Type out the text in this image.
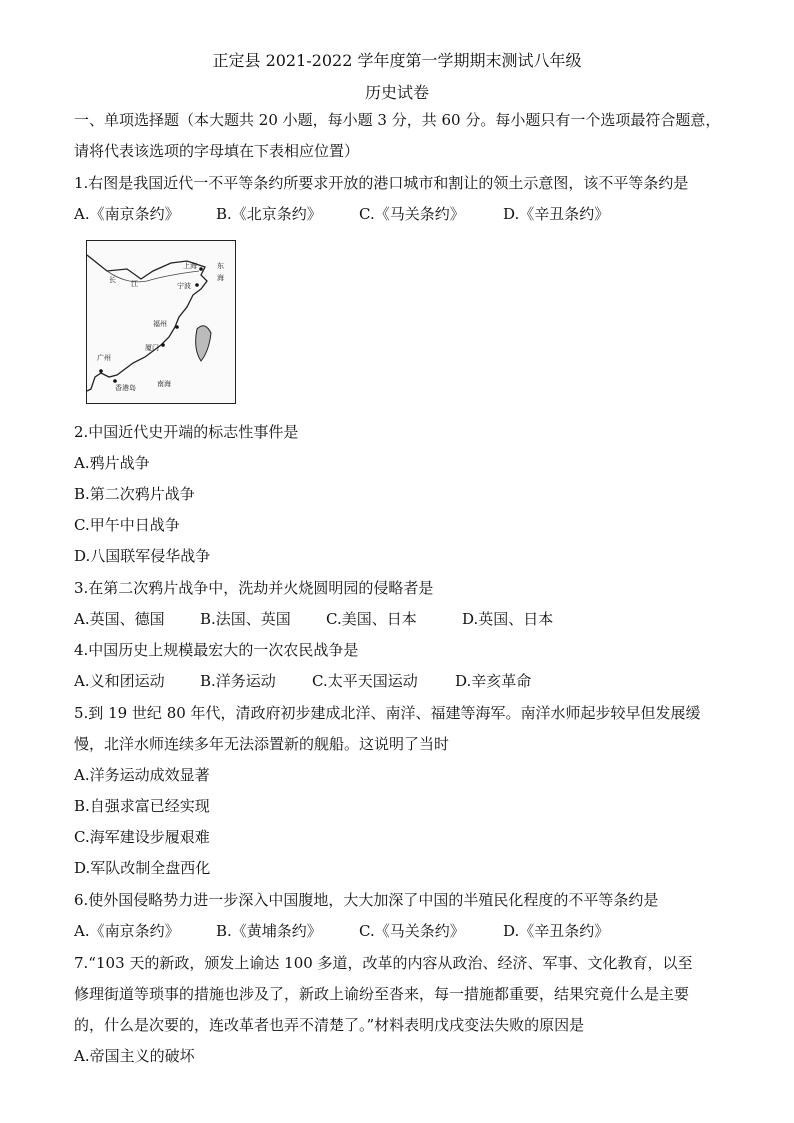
正定县 2021-2022 学年度第一学期期末测试八年级
历史试卷
一、单项选择题（本大题共 20 小题，每小题 3 分，共 60 分。每小题只有一个选项最符合题意，
请将代表该选项的字母填在下表相应位置）
1.右图是我国近代一不平等条约所要求开放的港口城市和割让的领土示意图，该不平等条约是
A.《南京条约》 B.《北京条约》 C.《马关条约》	D.《辛丑条约》
长 江
上海	东
海
宁波
福州
厦门
广州
香港岛	南海
2.中国近代史开端的标志性事件是
A.鸦片战争
B.第二次鸦片战争
C.甲午中日战争
D.八国联军侵华战争
3.在第二次鸦片战争中，洗劫并火烧圆明园的侵略者是
A.英国、德国 B.法国、英国 C.美国、日本	D.英国、日本
4.中国历史上规模最宏大的一次农民战争是
A.义和团运动 B.洋务运动 C.太平天国运动 D.辛亥革命
5.到 19 世纪 80 年代，清政府初步建成北洋、南洋、福建等海军。南洋水师起步较早但发展缓
慢，北洋水师连续多年无法添置新的舰船。这说明了当时
A.洋务运动成效显著
B.自强求富已经实现
C.海军建设步履艰难
D.军队改制全盘西化
6.使外国侵略势力进一步深入中国腹地，大大加深了中国的半殖民化程度的不平等条约是
A.《南京条约》 B.《黄埔条约》 C.《马关条约》	D.《辛丑条约》
7.“103 天的新政，颁发上谕达 100 多道，改革的内容从政治、经济、军事、文化教育，以至
修理街道等琐事的措施也涉及了，新政上谕纷至沓来，每一措施都重要，结果究竟什么是主要
的，什么是次要的，连改革者也弄不清楚了。”材料表明戊戌变法失败的原因是
A.帝国主义的破坏
